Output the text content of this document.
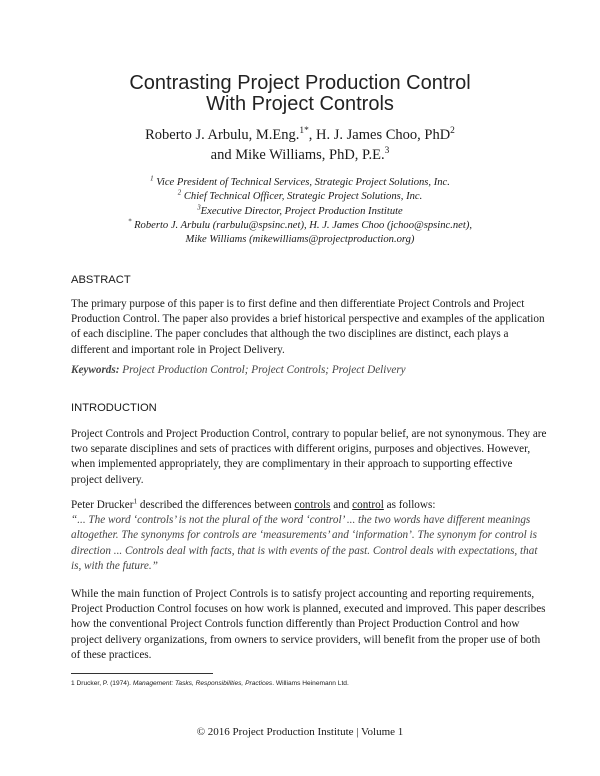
Contrasting Project Production Control
With Project Controls
Roberto J. Arbulu, M.Eng.$^{1*}$, H. J. James Choo, PhD$^2$
and Mike Williams, PhD, P.E.$^3$
$^1$ Vice President of Technical Services, Strategic Project Solutions, Inc.
$^2$ Chief Technical Officer, Strategic Project Solutions, Inc.
$^3$Executive Director, Project Production Institute
* Roberto J. Arbulu (rarbulu@spsinc.net), H. J. James Choo (jchoo@spsinc.net),
Mike Williams (mikewilliams@projectproduction.org)
ABSTRACT
The primary purpose of this paper is to first define and then differentiate Project Controls and Project
Production Control. The paper also provides a brief historical perspective and examples of the application
of each discipline. The paper concludes that although the two disciplines are distinct, each plays a
different and important role in Project Delivery.
Keywords: Project Production Control; Project Controls; Project Delivery
INTRODUCTION
Project Controls and Project Production Control, contrary to popular belief, are not synonymous. They are
two separate disciplines and sets of practices with different origins, purposes and objectives. However,
when implemented appropriately, they are complimentary in their approach to supporting effective
project delivery.
Peter Drucker$^1$ described the differences between controls and control as follows:
“... The word ‘controls’ is not the plural of the word ‘control’ ... the two words have different meanings
altogether. The synonyms for controls are ‘measurements’ and ‘information’. The synonym for control is
direction ... Controls deal with facts, that is with events of the past. Control deals with expectations, that
is, with the future.”
While the main function of Project Controls is to satisfy project accounting and reporting requirements,
Project Production Control focuses on how work is planned, executed and improved. This paper describes
how the conventional Project Controls function differently than Project Production Control and how
project delivery organizations, from owners to service providers, will benefit from the proper use of both
of these practices.
1 Drucker, P. (1974). Management: Tasks, Responsibilities, Practices. Williams Heinemann Ltd.
© 2016 Project Production Institute | Volume 1
